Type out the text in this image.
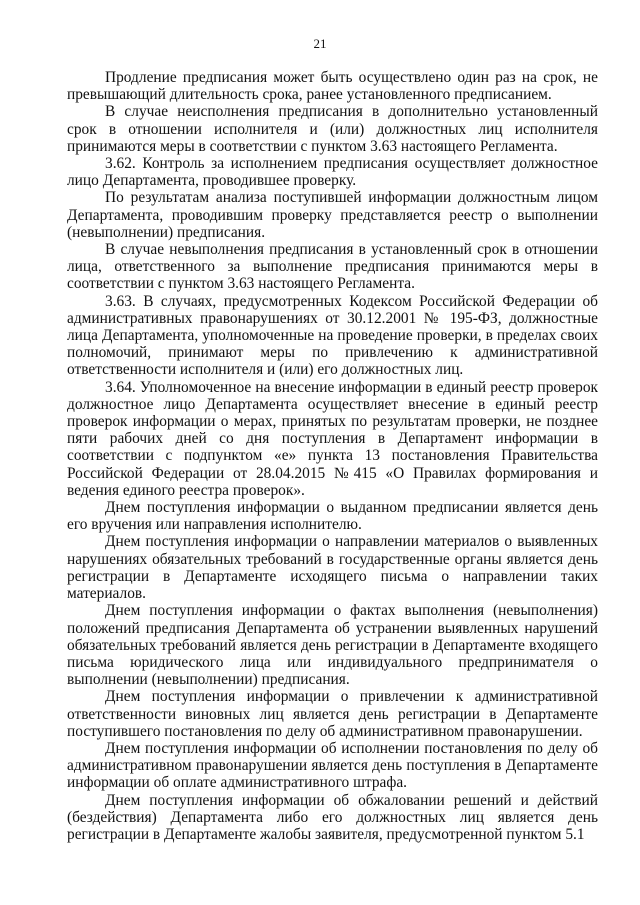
21

Продление предписания может быть осуществлено один раз на срок, не превышающий длительность срока, ранее установленного предписанием.

В случае неисполнения предписания в дополнительно установленный срок в отношении исполнителя и (или) должностных лиц исполнителя принимаются меры в соответствии с пунктом 3.63 настоящего Регламента.

3.62. Контроль за исполнением предписания осуществляет должностное лицо Департамента, проводившее проверку.

По результатам анализа поступившей информации должностным лицом Департамента, проводившим проверку представляется реестр о выполнении (невыполнении) предписания.

В случае невыполнения предписания в установленный срок в отношении лица, ответственного за выполнение предписания принимаются меры в соответствии с пунктом 3.63 настоящего Регламента.

3.63. В случаях, предусмотренных Кодексом Российской Федерации об административных правонарушениях от 30.12.2001 № 195-ФЗ, должностные лица Департамента, уполномоченные на проведение проверки, в пределах своих полномочий, принимают меры по привлечению к административной ответственности исполнителя и (или) его должностных лиц.

3.64. Уполномоченное на внесение информации в единый реестр проверок должностное лицо Департамента осуществляет внесение в единый реестр проверок информации о мерах, принятых по результатам проверки, не позднее пяти рабочих дней со дня поступления в Департамент информации в соответствии с подпунктом «е» пункта 13 постановления Правительства Российской Федерации от 28.04.2015 №415 «О Правилах формирования и ведения единого реестра проверок».

Днем поступления информации о выданном предписании является день его вручения или направления исполнителю.

Днем поступления информации о направлении материалов о выявленных нарушениях обязательных требований в государственные органы является день регистрации в Департаменте исходящего письма о направлении таких материалов.

Днем поступления информации о фактах выполнения (невыполнения) положений предписания Департамента об устранении выявленных нарушений обязательных требований является день регистрации в Департаменте входящего письма юридического лица или индивидуального предпринимателя о выполнении (невыполнении) предписания.

Днем поступления информации о привлечении к административной ответственности виновных лиц является день регистрации в Департаменте поступившего постановления по делу об административном правонарушении.

Днем поступления информации об исполнении постановления по делу об административном правонарушении является день поступления в Департаменте информации об оплате административного штрафа.

Днем поступления информации об обжаловании решений и действий (бездействия) Департамента либо его должностных лиц является день регистрации в Департаменте жалобы заявителя, предусмотренной пунктом 5.1
